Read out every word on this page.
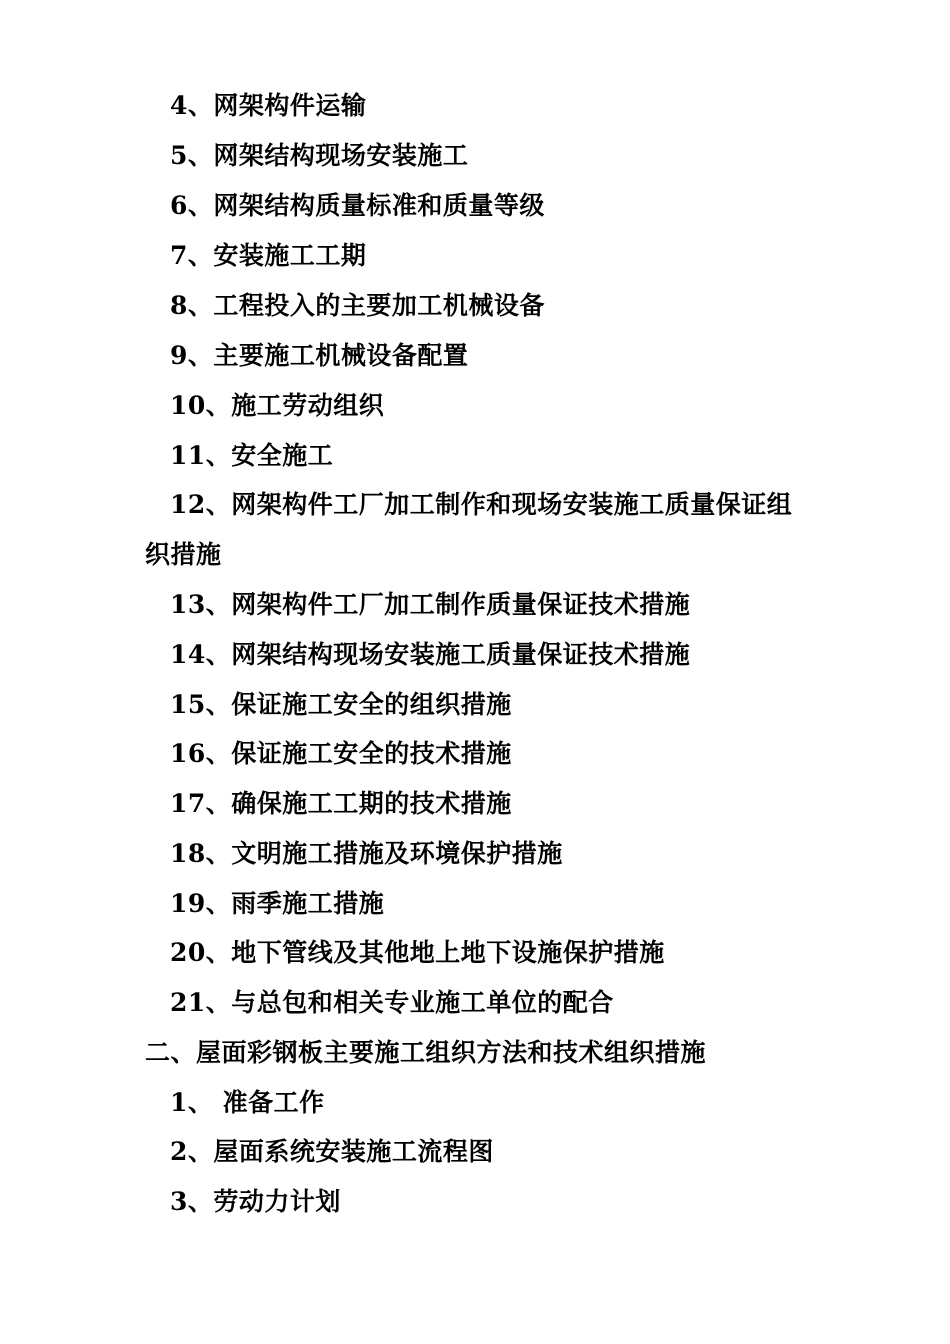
4、网架构件运输
5、网架结构现场安装施工
6、网架结构质量标准和质量等级
7、安装施工工期
8、工程投入的主要加工机械设备
9、主要施工机械设备配置
10、施工劳动组织
11、安全施工
12、网架构件工厂加工制作和现场安装施工质量保证组
织措施
13、网架构件工厂加工制作质量保证技术措施
14、网架结构现场安装施工质量保证技术措施
15、保证施工安全的组织措施
16、保证施工安全的技术措施
17、确保施工工期的技术措施
18、文明施工措施及环境保护措施
19、雨季施工措施
20、地下管线及其他地上地下设施保护措施
21、与总包和相关专业施工单位的配合
二、屋面彩钢板主要施工组织方法和技术组织措施
1、 准备工作
2、屋面系统安装施工流程图
3、劳动力计划
